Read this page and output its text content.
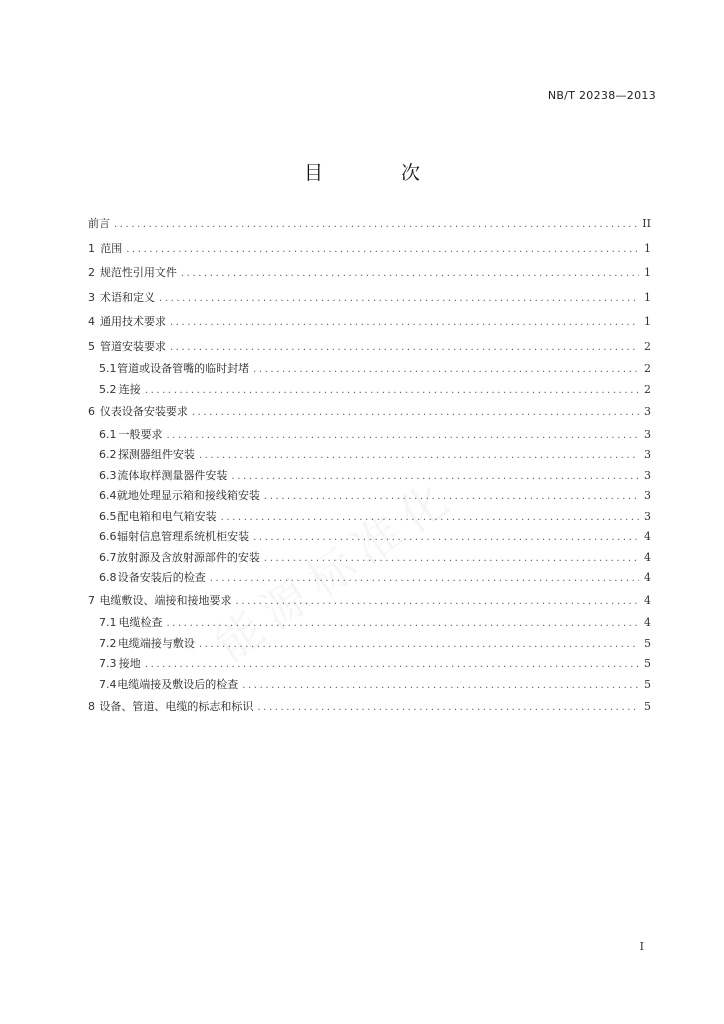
NB/T 20238—2013
目 次
前言 .....	II
1 范围 .....	1
2 规范性引用文件 .....	1
3 术语和定义 .....	1
4 通用技术要求 .....	1
5 管道安装要求 .....	2
5.1 管道或设备管嘴的临时封堵 .....	2
5.2 连接 .....	2
6 仪表设备安装要求 .....	3
6.1 一般要求 .....	3
6.2 探测器组件安装 .....	3
6.3 流体取样测量器件安装 .....	3
6.4 就地处理显示箱和接线箱安装 .....	3
6.5 配电箱和电气箱安装 .....	3
6.6 辐射信息管理系统机柜安装 .....	4
6.7 放射源及含放射源部件的安装 .....	4
6.8 设备安装后的检查 .....	4
7 电缆敷设、端接和接地要求 .....	4
7.1 电缆检查 .....	4
7.2 电缆端接与敷设 .....	5
7.3 接地 .....	5
7.4 电缆端接及敷设后的检查 .....	5
8 设备、管道、电缆的标志和标识 .....	5
I
